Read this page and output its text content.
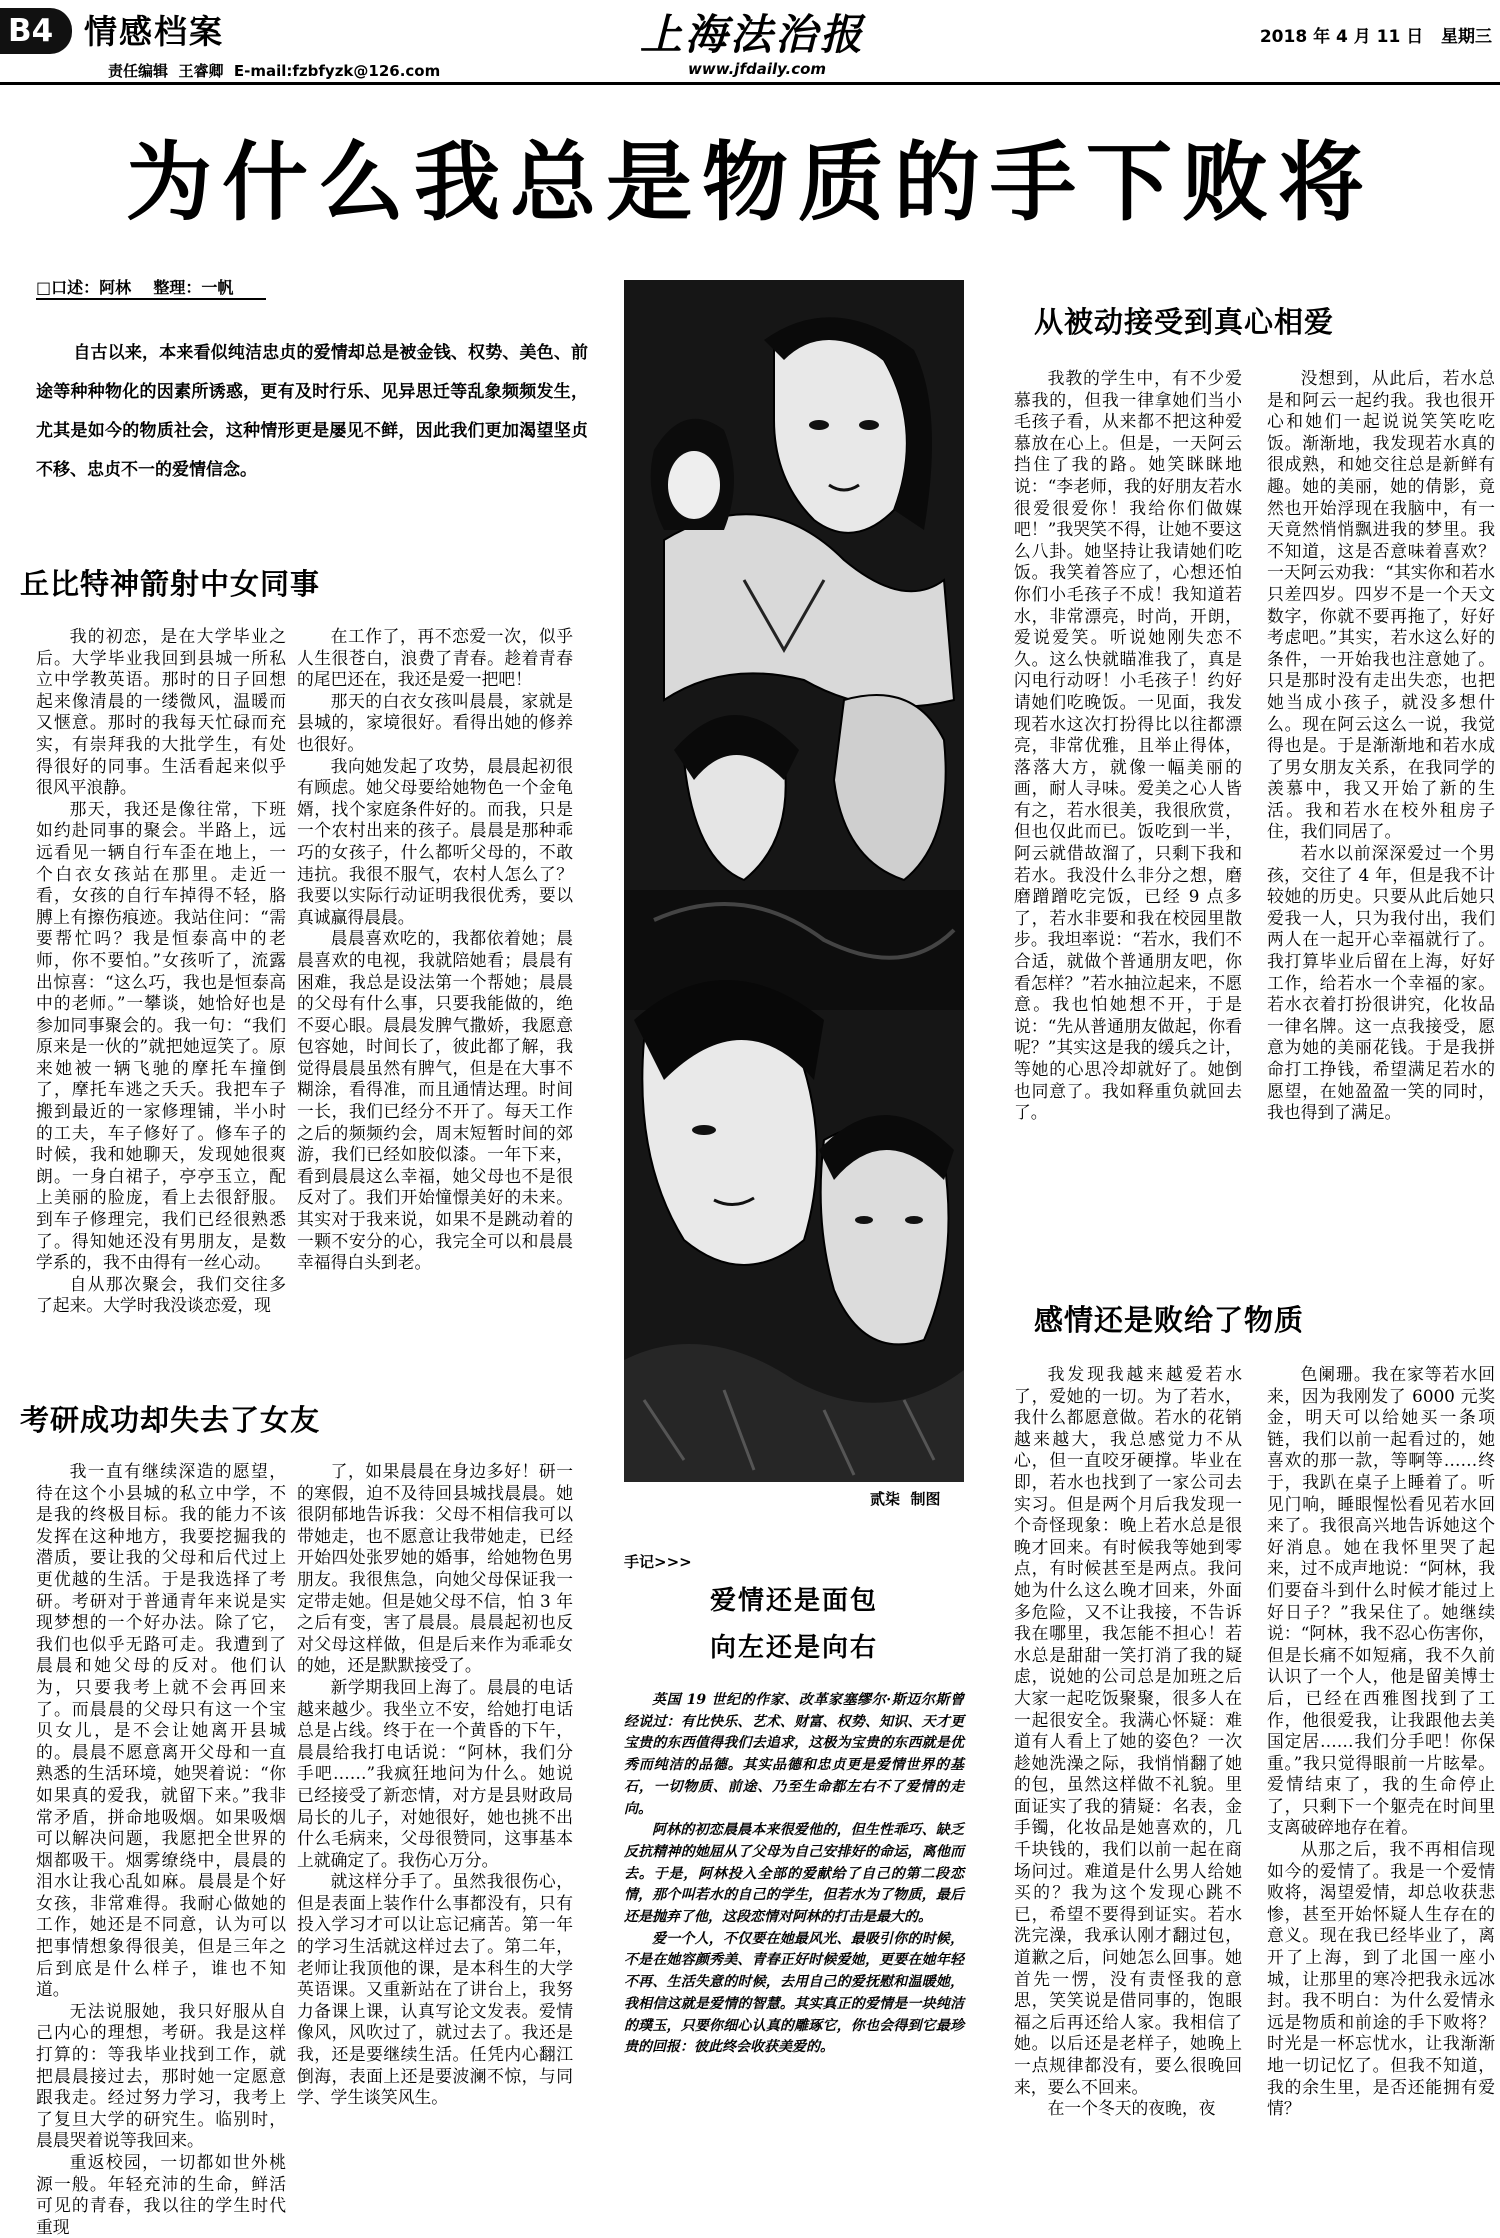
B4 情感档案
责任编辑  王睿卿  E-mail:fzbfyzk@126.com
上海法治报
www.jfdaily.com
2018 年 4 月 11 日   星期三
为什么我总是物质的手下败将
□口述：阿林    整理：一帆
自古以来，本来看似纯洁忠贞的爱情却总是被金钱、权势、美色、前途等种种物化的因素所诱惑，更有及时行乐、见异思迁等乱象频频发生，尤其是如今的物质社会，这种情形更是屡见不鲜，因此我们更加渴望坚贞不移、忠贞不一的爱情信念。
丘比特神箭射中女同事

我的初恋，是在大学毕业之后。大学毕业我回到县城一所私立中学教英语。那时的日子回想起来像清晨的一缕微风，温暖而又惬意。那时的我每天忙碌而充实，有崇拜我的大批学生，有处得很好的同事。生活看起来似乎很风平浪静。

那天，我还是像往常，下班如约赴同事的聚会。半路上，远远看见一辆自行车歪在地上，一个白衣女孩站在那里。走近一看，女孩的自行车掉得不轻，胳膊上有擦伤痕迹。我站住问：“需要帮忙吗？我是恒泰高中的老师，你不要怕。”女孩听了，流露出惊喜：“这么巧，我也是恒泰高中的老师。”一攀谈，她恰好也是参加同事聚会的。我一句：“我们原来是一伙的”就把她逗笑了。原来她被一辆飞驰的摩托车撞倒了，摩托车逃之夭夭。我把车子搬到最近的一家修理铺，半小时的工夫，车子修好了。修车子的时候，我和她聊天，发现她很爽朗。一身白裙子，亭亭玉立，配上美丽的脸庞，看上去很舒服。到车子修理完，我们已经很熟悉了。得知她还没有男朋友，是数学系的，我不由得有一丝心动。

自从那次聚会，我们交往多了起来。大学时我没谈恋爱，现

在工作了，再不恋爱一次，似乎人生很苍白，浪费了青春。趁着青春的尾巴还在，我还是爱一把吧！

那天的白衣女孩叫晨晨，家就是县城的，家境很好。看得出她的修养也很好。

我向她发起了攻势，晨晨起初很有顾虑。她父母要给她物色一个金龟婿，找个家庭条件好的。而我，只是一个农村出来的孩子。晨晨是那种乖巧的女孩子，什么都听父母的，不敢违抗。我很不服气，农村人怎么了？我要以实际行动证明我很优秀，要以真诚赢得晨晨。

晨晨喜欢吃的，我都依着她；晨晨喜欢的电视，我就陪她看；晨晨有困难，我总是设法第一个帮她；晨晨的父母有什么事，只要我能做的，绝不耍心眼。晨晨发脾气撒娇，我愿意包容她，时间长了，彼此都了解，我觉得晨晨虽然有脾气，但是在大事不糊涂，看得准，而且通情达理。时间一长，我们已经分不开了。每天工作之后的频频约会，周末短暂时间的郊游，我们已经如胶似漆。一年下来，看到晨晨这么幸福，她父母也不是很反对了。我们开始憧憬美好的未来。其实对于我来说，如果不是跳动着的一颗不安分的心，我完全可以和晨晨幸福得白头到老。

考研成功却失去了女友

我一直有继续深造的愿望，待在这个小县城的私立中学，不是我的终极目标。我的能力不该发挥在这种地方，我要挖掘我的潜质，要让我的父母和后代过上更优越的生活。于是我选择了考研。考研对于普通青年来说是实现梦想的一个好办法。除了它，我们也似乎无路可走。我遭到了晨晨和她父母的反对。他们认为，只要我考上就不会再回来了。而晨晨的父母只有这一个宝贝女儿，是不会让她离开县城的。晨晨不愿意离开父母和一直熟悉的生活环境，她哭着说：“你如果真的爱我，就留下来。”我非常矛盾，拼命地吸烟。如果吸烟可以解决问题，我愿把全世界的烟都吸干。烟雾缭绕中，晨晨的泪水让我心乱如麻。晨晨是个好女孩，非常难得。我耐心做她的工作，她还是不同意，认为可以把事情想象得很美，但是三年之后到底是什么样子，谁也不知道。

无法说服她，我只好服从自己内心的理想，考研。我是这样打算的：等我毕业找到工作，就把晨晨接过去，那时她一定愿意跟我走。经过努力学习，我考上了复旦大学的研究生。临别时，晨晨哭着说等我回来。

重返校园，一切都如世外桃源一般。年轻充沛的生命，鲜活可见的青春，我以往的学生时代重现

了，如果晨晨在身边多好！研一的寒假，迫不及待回县城找晨晨。她很阴郁地告诉我：父母不相信我可以带她走，也不愿意让我带她走，已经开始四处张罗她的婚事，给她物色男朋友。我很焦急，向她父母保证我一定带走她。但是她父母不信，怕 3 年之后有变，害了晨晨。晨晨起初也反对父母这样做，但是后来作为乖乖女的她，还是默默接受了。

新学期我回上海了。晨晨的电话越来越少。我坐立不安，给她打电话总是占线。终于在一个黄昏的下午，晨晨给我打电话说：“阿林，我们分手吧……”我疯狂地问为什么。她说已经接受了新恋情，对方是县财政局局长的儿子，对她很好，她也挑不出什么毛病来，父母很赞同，这事基本上就确定了。我伤心万分。

就这样分手了。虽然我很伤心，但是表面上装作什么事都没有，只有投入学习才可以让忘记痛苦。第一年的学习生活就这样过去了。第二年，老师让我顶他的课，是本科生的大学英语课。又重新站在了讲台上，我努力备课上课，认真写论文发表。爱情像风，风吹过了，就过去了。我还是我，还是要继续生活。任凭内心翻江倒海，表面上还是要波澜不惊，与同学、学生谈笑风生。

贰柒  制图
手记>>>
爱情还是面包
向左还是向右

英国 19 世纪的作家、改革家塞缪尔·斯迈尔斯曾经说过：有比快乐、艺术、财富、权势、知识、天才更宝贵的东西值得我们去追求，这极为宝贵的东西就是优秀而纯洁的品德。其实品德和忠贞更是爱情世界的基石，一切物质、前途、乃至生命都左右不了爱情的走向。

阿林的初恋晨晨本来很爱他的，但生性乖巧、缺乏反抗精神的她屈从了父母为自己安排好的命运，离他而去。于是，阿林投入全部的爱献给了自己的第二段恋情，那个叫若水的自己的学生，但若水为了物质，最后还是抛弃了他，这段恋情对阿林的打击是最大的。

爱一个人，不仅要在她最风光、最吸引你的时候，不是在她容颜秀美、青春正好时候爱她，更要在她年轻不再、生活失意的时候，去用自己的爱抚慰和温暖她，我相信这就是爱情的智慧。其实真正的爱情是一块纯洁的璞玉，只要你细心认真的雕琢它，你也会得到它最珍贵的回报：彼此终会收获美爱的。

从被动接受到真心相爱

我教的学生中，有不少爱慕我的，但我一律拿她们当小毛孩子看，从来都不把这种爱慕放在心上。但是，一天阿云挡住了我的路。她笑眯眯地说：“李老师，我的好朋友若水很爱很爱你！我给你们做媒吧！”我哭笑不得，让她不要这么八卦。她坚持让我请她们吃饭。我笑着答应了，心想还怕你们小毛孩子不成！我知道若水，非常漂亮，时尚，开朗，爱说爱笑。听说她刚失恋不久。这么快就瞄准我了，真是闪电行动呀！小毛孩子！约好请她们吃晚饭。一见面，我发现若水这次打扮得比以往都漂亮，非常优雅，且举止得体，落落大方，就像一幅美丽的画，耐人寻味。爱美之心人皆有之，若水很美，我很欣赏，但也仅此而已。饭吃到一半，阿云就借故溜了，只剩下我和若水。我没什么非分之想，磨磨蹭蹭吃完饭，已经 9 点多了，若水非要和我在校园里散步。我坦率说：“若水，我们不合适，就做个普通朋友吧，你看怎样？”若水抽泣起来，不愿意。我也怕她想不开，于是说：“先从普通朋友做起，你看呢？”其实这是我的缓兵之计，等她的心思冷却就好了。她倒也同意了。我如释重负就回去了。

没想到，从此后，若水总是和阿云一起约我。我也很开心和她们一起说说笑笑吃吃饭。渐渐地，我发现若水真的很成熟，和她交往总是新鲜有趣。她的美丽，她的倩影，竟然也开始浮现在我脑中，有一天竟然悄悄飘进我的梦里。我不知道，这是否意味着喜欢？一天阿云劝我：“其实你和若水只差四岁。四岁不是一个天文数字，你就不要再拖了，好好考虑吧。”其实，若水这么好的条件，一开始我也注意她了。只是那时没有走出失恋，也把她当成小孩子，就没多想什么。现在阿云这么一说，我觉得也是。于是渐渐地和若水成了男女朋友关系，在我同学的羡慕中，我又开始了新的生活。我和若水在校外租房子住，我们同居了。

若水以前深深爱过一个男孩，交往了 4 年，但是我不计较她的历史。只要从此后她只爱我一人，只为我付出，我们两人在一起开心幸福就行了。我打算毕业后留在上海，好好工作，给若水一个幸福的家。若水衣着打扮很讲究，化妆品一律名牌。这一点我接受，愿意为她的美丽花钱。于是我拼命打工挣钱，希望满足若水的愿望，在她盈盈一笑的同时，我也得到了满足。

感情还是败给了物质

我发现我越来越爱若水了，爱她的一切。为了若水，我什么都愿意做。若水的花销越来越大，我总感觉力不从心，但一直咬牙硬撑。毕业在即，若水也找到了一家公司去实习。但是两个月后我发现一个奇怪现象：晚上若水总是很晚才回来。有时候我等她到零点，有时候甚至是两点。我问她为什么这么晚才回来，外面多危险，又不让我接，不告诉我在哪里，我怎能不担心！若水总是甜甜一笑打消了我的疑虑，说她的公司总是加班之后大家一起吃饭聚聚，很多人在一起很安全。我满心怀疑：难道有人看上了她的姿色？一次趁她洗澡之际，我悄悄翻了她的包，虽然这样做不礼貌。里面证实了我的猜疑：名表，金手镯，化妆品是她喜欢的，几千块钱的，我们以前一起在商场问过。难道是什么男人给她买的？我为这个发现心跳不已，希望不要得到证实。若水洗完澡，我承认刚才翻过包，道歉之后，问她怎么回事。她首先一愣，没有责怪我的意思，笑笑说是借同事的，饱眼福之后再还给人家。我相信了她。以后还是老样子，她晚上一点规律都没有，要么很晚回来，要么不回来。

在一个冬天的夜晚，夜

色阑珊。我在家等若水回来，因为我刚发了 6000 元奖金，明天可以给她买一条项链，我们以前一起看过的，她喜欢的那一款，等啊等……终于，我趴在桌子上睡着了。听见门响，睡眼惺忪看见若水回来了。我很高兴地告诉她这个好消息。她在我怀里哭了起来，过不成声地说：“阿林，我们要奋斗到什么时候才能过上好日子？”我呆住了。她继续说：“阿林，我不忍心伤害你，但是长痛不如短痛，我不久前认识了一个人，他是留美博士后，已经在西雅图找到了工作，他很爱我，让我跟他去美国定居……我们分手吧！你保重。”我只觉得眼前一片眩晕。爱情结束了，我的生命停止了，只剩下一个躯壳在时间里支离破碎地存在着。

从那之后，我不再相信现如今的爱情了。我是一个爱情败将，渴望爱情，却总收获悲惨，甚至开始怀疑人生存在的意义。现在我已经毕业了，离开了上海，到了北国一座小城，让那里的寒冷把我永远冰封。我不明白：为什么爱情永远是物质和前途的手下败将？时光是一杯忘忧水，让我渐渐地一切记忆了。但我不知道，我的余生里，是否还能拥有爱情？
